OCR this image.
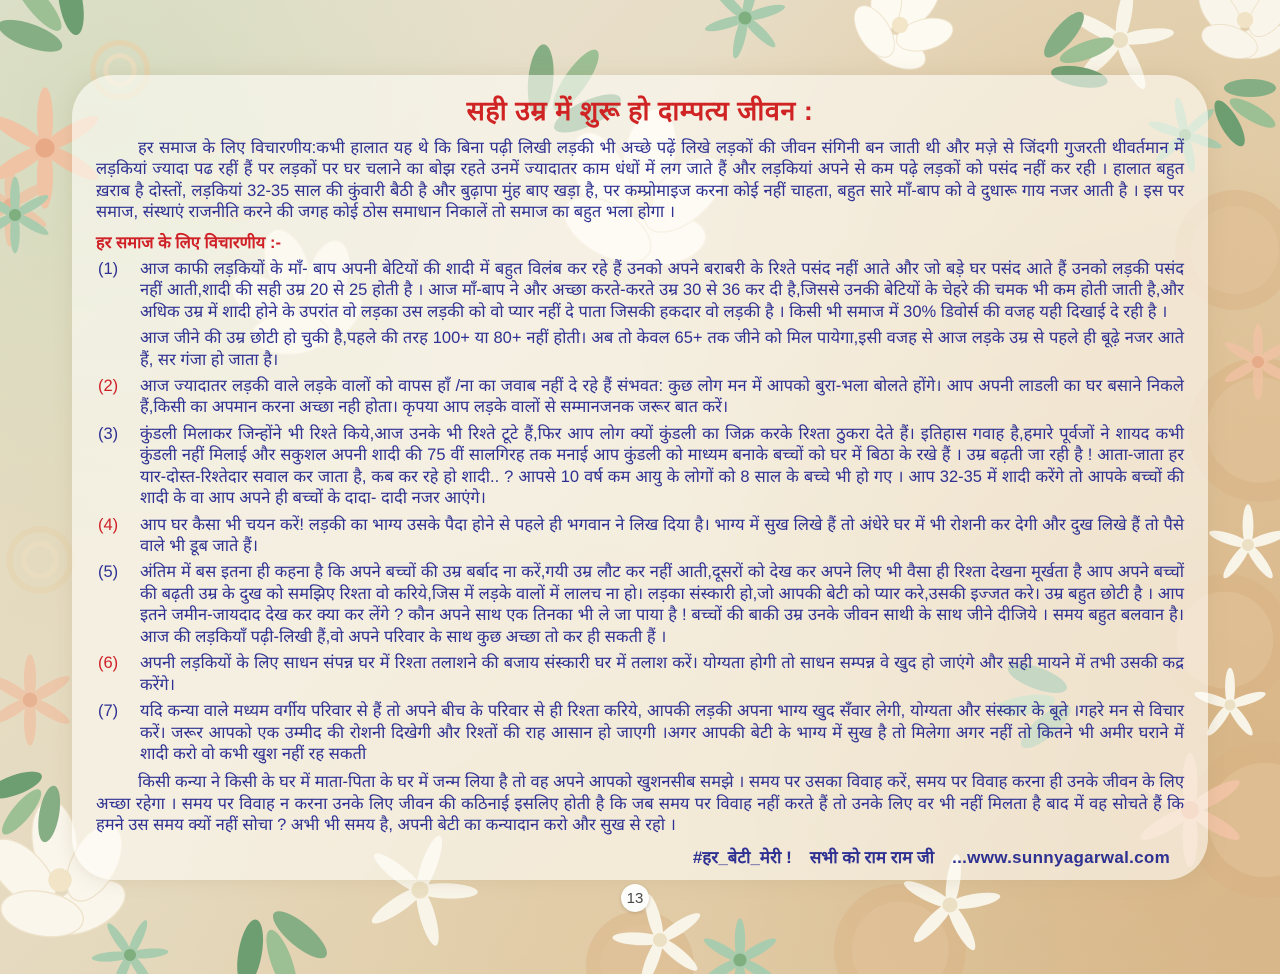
सही उम्र में शुरू हो दाम्पत्य जीवन :

हर समाज के लिए विचारणीय:कभी हालात यह थे कि बिना पढ़ी लिखी लड़की भी अच्छे पढ़ें लिखे लड़कों की जीवन संगिनी बन जाती थी और मज़े से जिंदगी गुजरती थीवर्तमान में लड़कियां ज्यादा पढ रहीं हैं पर लड़कों पर घर चलाने का बोझ रहते उनमें ज्यादातर काम धंधों में लग जाते हैं और लड़कियां अपने से कम पढ़े लड़कों को पसंद नहीं कर रही । हालात बहुत ख़राब है दोस्तों, लड़कियां 32-35 साल की कुंवारी बैठी है और बुढ़ापा मुंह बाए खड़ा है, पर कम्प्रोमाइज करना कोई नहीं चाहता, बहुत सारे माँ-बाप को वे दुधारू गाय नजर आती है । इस पर समाज, संस्थाएं राजनीति करने की जगह कोई ठोस समाधान निकालें तो समाज का बहुत भला होगा ।

हर समाज के लिए विचारणीय :-
(1)	आज काफी लड़कियों के माँ- बाप अपनी बेटियों की शादी में बहुत विलंब कर रहे हैं उनको अपने बराबरी के रिश्ते पसंद नहीं आते और जो बड़े घर पसंद आते हैं उनको लड़की पसंद नहीं आती,शादी की सही उम्र 20 से 25 होती है । आज माँ-बाप ने और अच्छा करते-करते उम्र 30 से 36 कर दी है,जिससे उनकी बेटियों के चेहरे की चमक भी कम होती जाती है,और अधिक उम्र में शादी होने के उपरांत वो लड़का उस लड़की को वो प्यार नहीं दे पाता जिसकी हकदार वो लड़की है । किसी भी समाज में 30% डिवोर्स की वजह यही दिखाई दे रही है ।

आज जीने की उम्र छोटी हो चुकी है,पहले की तरह 100+ या 80+ नहीं होती। अब तो केवल 65+ तक जीने को मिल पायेगा,इसी वजह से आज लड़के उम्र से पहले ही बूढ़े नजर आते हैं, सर गंजा हो जाता है।

(2)	आज ज्यादातर लड़की वाले लड़के वालों को वापस हाँ /ना का जवाब नहीं दे रहे हैं संभवत: कुछ लोग मन में आपको बुरा-भला बोलते होंगे। आप अपनी लाडली का घर बसाने निकले हैं,किसी का अपमान करना अच्छा नही होता। कृपया आप लड़के वालों से सम्मानजनक जरूर बात करें।

(3)	कुंडली मिलाकर जिन्होंने भी रिश्ते किये,आज उनके भी रिश्ते टूटे हैं,फिर आप लोग क्यों कुंडली का जिक्र करके रिश्ता ठुकरा देते हैं। इतिहास गवाह है,हमारे पूर्वजों ने शायद कभी कुंडली नहीं मिलाई और सकुशल अपनी शादी की 75 वीं सालगिरह तक मनाई आप कुंडली को माध्यम बनाके बच्चों को घर में बिठा के रखे हैं । उम्र बढ़ती जा रही है ! आता-जाता हर यार-दोस्त-रिश्तेदार सवाल कर जाता है, कब कर रहे हो शादी.. ? आपसे 10 वर्ष कम आयु के लोगों को 8 साल के बच्चे भी हो गए । आप 32-35 में शादी करेंगे तो आपके बच्चों की शादी के वा आप अपने ही बच्चों के दादा- दादी नजर आएंगे।

(4)	आप घर कैसा भी चयन करें! लड़की का भाग्य उसके पैदा होने से पहले ही भगवान ने लिख दिया है। भाग्य में सुख लिखे हैं तो अंधेरे घर में भी रोशनी कर देगी और दुख लिखे हैं तो पैसे वाले भी डूब जाते हैं।

(5)	अंतिम में बस इतना ही कहना है कि अपने बच्चों की उम्र बर्बाद ना करें,गयी उम्र लौट कर नहीं आती,दूसरों को देख कर अपने लिए भी वैसा ही रिश्ता देखना मूर्खता है आप अपने बच्चों की बढ़ती उम्र के दुख को समझिए रिश्ता वो करिये,जिस में लड़के वालों में लालच ना हो। लड़का संस्कारी हो,जो आपकी बेटी को प्यार करे,उसकी इज्जत करे। उम्र बहुत छोटी है । आप इतने जमीन-जायदाद देख कर क्या कर लेंगे ? कौन अपने साथ एक तिनका भी ले जा पाया है ! बच्चों की बाकी उम्र उनके जीवन साथी के साथ जीने दीजिये । समय बहुत बलवान है। आज की लड़कियाँ पढ़ी-लिखी हैं,वो अपने परिवार के साथ कुछ अच्छा तो कर ही सकती हैं ।

(6)	अपनी लड़कियों के लिए साधन संपन्न घर में रिश्ता तलाशने की बजाय संस्कारी घर में तलाश करें। योग्यता होगी तो साधन सम्पन्न वे खुद हो जाएंगे और सही मायने में तभी उसकी कद्र करेंगे।

(7)	यदि कन्या वाले मध्यम वर्गीय परिवार से हैं तो अपने बीच के परिवार से ही रिश्ता करिये, आपकी लड़की अपना भाग्य खुद सँवार लेगी, योग्यता और संस्कार के बूते ।गहरे मन से विचार करें। जरूर आपको एक उम्मीद की रोशनी दिखेगी और रिश्तों की राह आसान हो जाएगी ।अगर आपकी बेटी के भाग्य में सुख है तो मिलेगा अगर नहीं तो कितने भी अमीर घराने में शादी करो वो कभी खुश नहीं रह सकती

किसी कन्या ने किसी के घर में माता-पिता के घर में जन्म लिया है तो वह अपने आपको खुशनसीब समझे । समय पर उसका विवाह करें, समय पर विवाह करना ही उनके जीवन के लिए अच्छा रहेगा । समय पर विवाह न करना उनके लिए जीवन की कठिनाई इसलिए होती है कि जब समय पर विवाह नहीं करते हैं तो उनके लिए वर भी नहीं मिलता है बाद में वह सोचते हैं कि हमने उस समय क्यों नहीं सोचा ? अभी भी समय है, अपनी बेटी का कन्यादान करो और सुख से रहो ।

#हर_बेटी_मेरी ! सभी को राम राम जी ...www.sunnyagarwal.com
13
